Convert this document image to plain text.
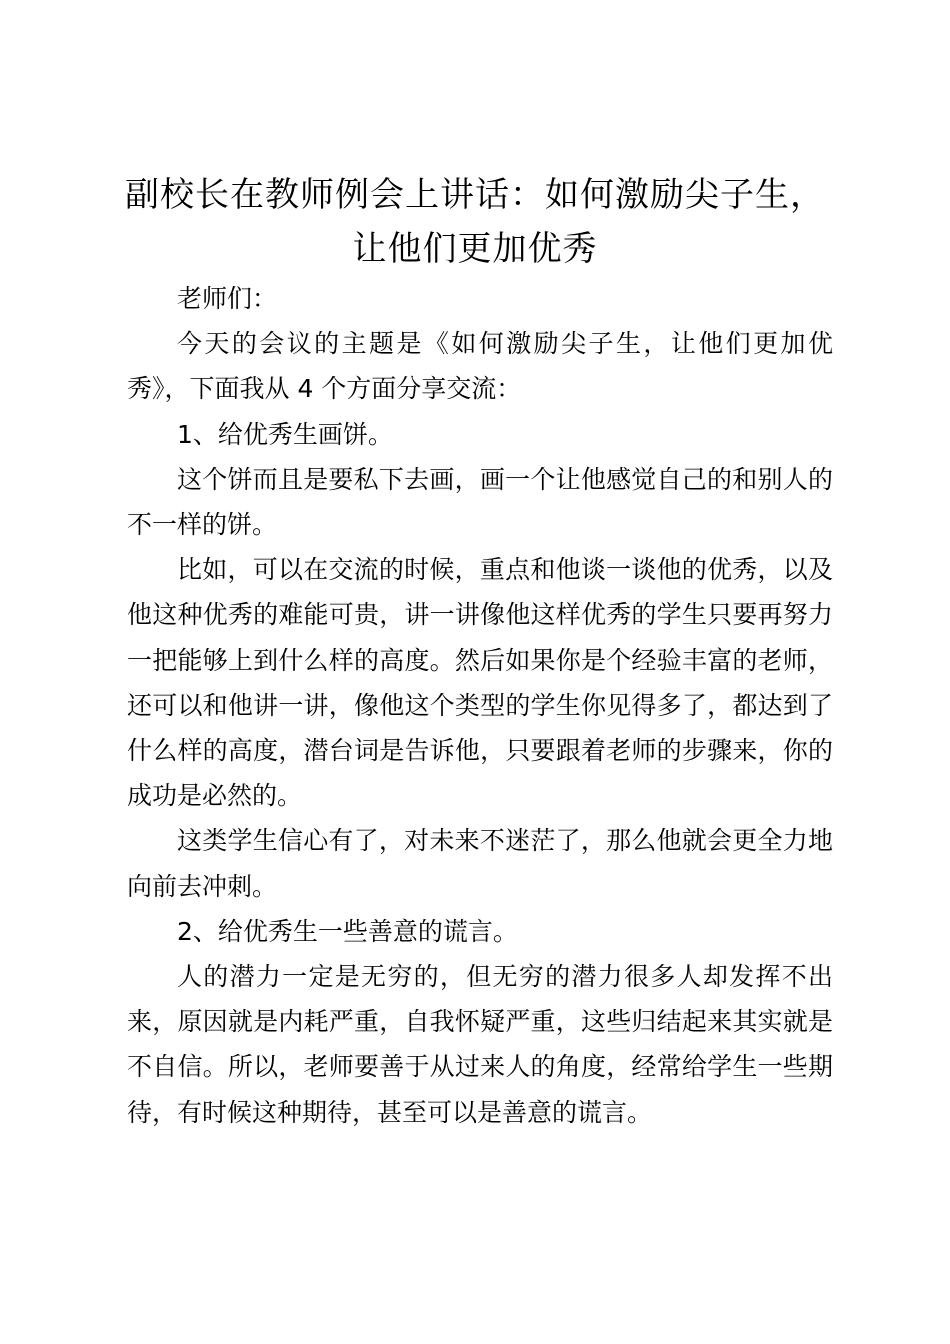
副校长在教师例会上讲话：如何激励尖子生，让他们更加优秀

老师们：

今天的会议的主题是《如何激励尖子生，让他们更加优秀》，下面我从 4 个方面分享交流：

1、给优秀生画饼。

这个饼而且是要私下去画，画一个让他感觉自己的和别人的不一样的饼。

比如，可以在交流的时候，重点和他谈一谈他的优秀，以及他这种优秀的难能可贵，讲一讲像他这样优秀的学生只要再努力一把能够上到什么样的高度。然后如果你是个经验丰富的老师，还可以和他讲一讲，像他这个类型的学生你见得多了，都达到了什么样的高度，潜台词是告诉他，只要跟着老师的步骤来，你的成功是必然的。

这类学生信心有了，对未来不迷茫了，那么他就会更全力地向前去冲刺。

2、给优秀生一些善意的谎言。

人的潜力一定是无穷的，但无穷的潜力很多人却发挥不出来，原因就是内耗严重，自我怀疑严重，这些归结起来其实就是不自信。所以，老师要善于从过来人的角度，经常给学生一些期待，有时候这种期待，甚至可以是善意的谎言。
